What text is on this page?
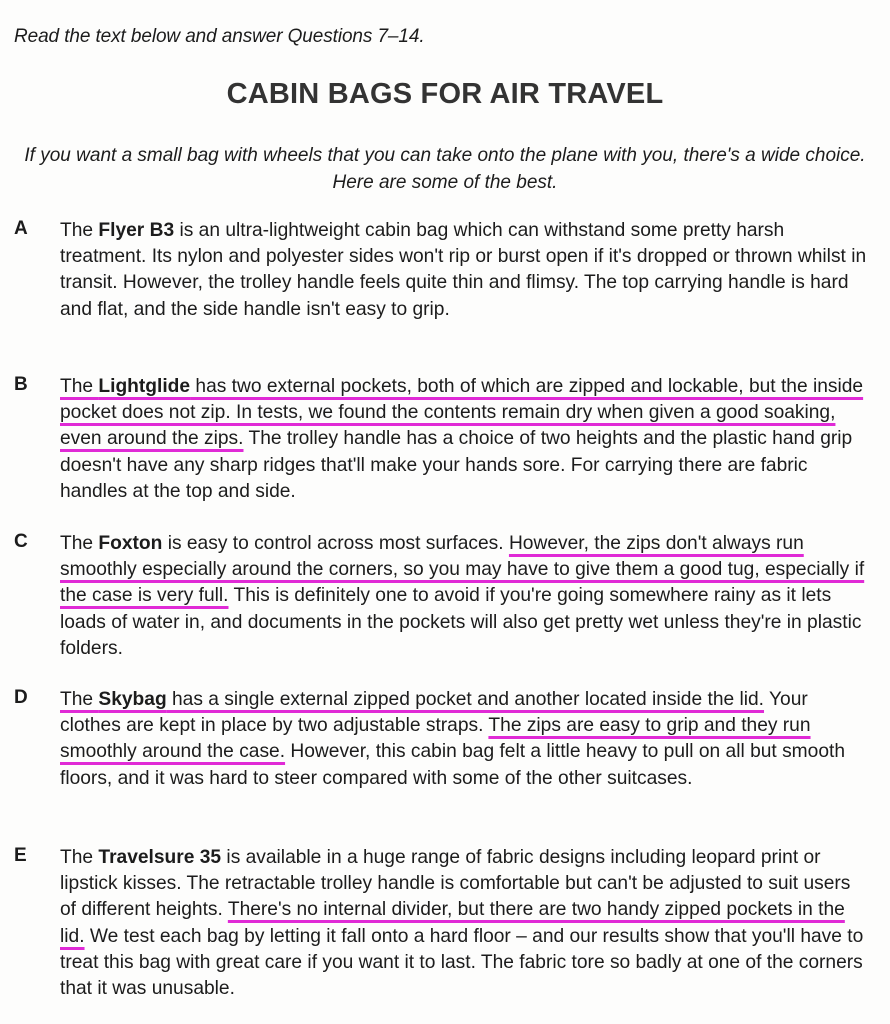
Read the text below and answer Questions 7–14.
CABIN BAGS FOR AIR TRAVEL
If you want a small bag with wheels that you can take onto the plane with you, there's a wide choice. Here are some of the best.
A The Flyer B3 is an ultra-lightweight cabin bag which can withstand some pretty harsh treatment. Its nylon and polyester sides won't rip or burst open if it's dropped or thrown whilst in transit. However, the trolley handle feels quite thin and flimsy. The top carrying handle is hard and flat, and the side handle isn't easy to grip.
B The Lightglide has two external pockets, both of which are zipped and lockable, but the inside pocket does not zip. In tests, we found the contents remain dry when given a good soaking, even around the zips. The trolley handle has a choice of two heights and the plastic hand grip doesn't have any sharp ridges that'll make your hands sore. For carrying there are fabric handles at the top and side.
C The Foxton is easy to control across most surfaces. However, the zips don't always run smoothly especially around the corners, so you may have to give them a good tug, especially if the case is very full. This is definitely one to avoid if you're going somewhere rainy as it lets loads of water in, and documents in the pockets will also get pretty wet unless they're in plastic folders.
D The Skybag has a single external zipped pocket and another located inside the lid. Your clothes are kept in place by two adjustable straps. The zips are easy to grip and they run smoothly around the case. However, this cabin bag felt a little heavy to pull on all but smooth floors, and it was hard to steer compared with some of the other suitcases.
E The Travelsure 35 is available in a huge range of fabric designs including leopard print or lipstick kisses. The retractable trolley handle is comfortable but can't be adjusted to suit users of different heights. There's no internal divider, but there are two handy zipped pockets in the lid. We test each bag by letting it fall onto a hard floor – and our results show that you'll have to treat this bag with great care if you want it to last. The fabric tore so badly at one of the corners that it was unusable.
